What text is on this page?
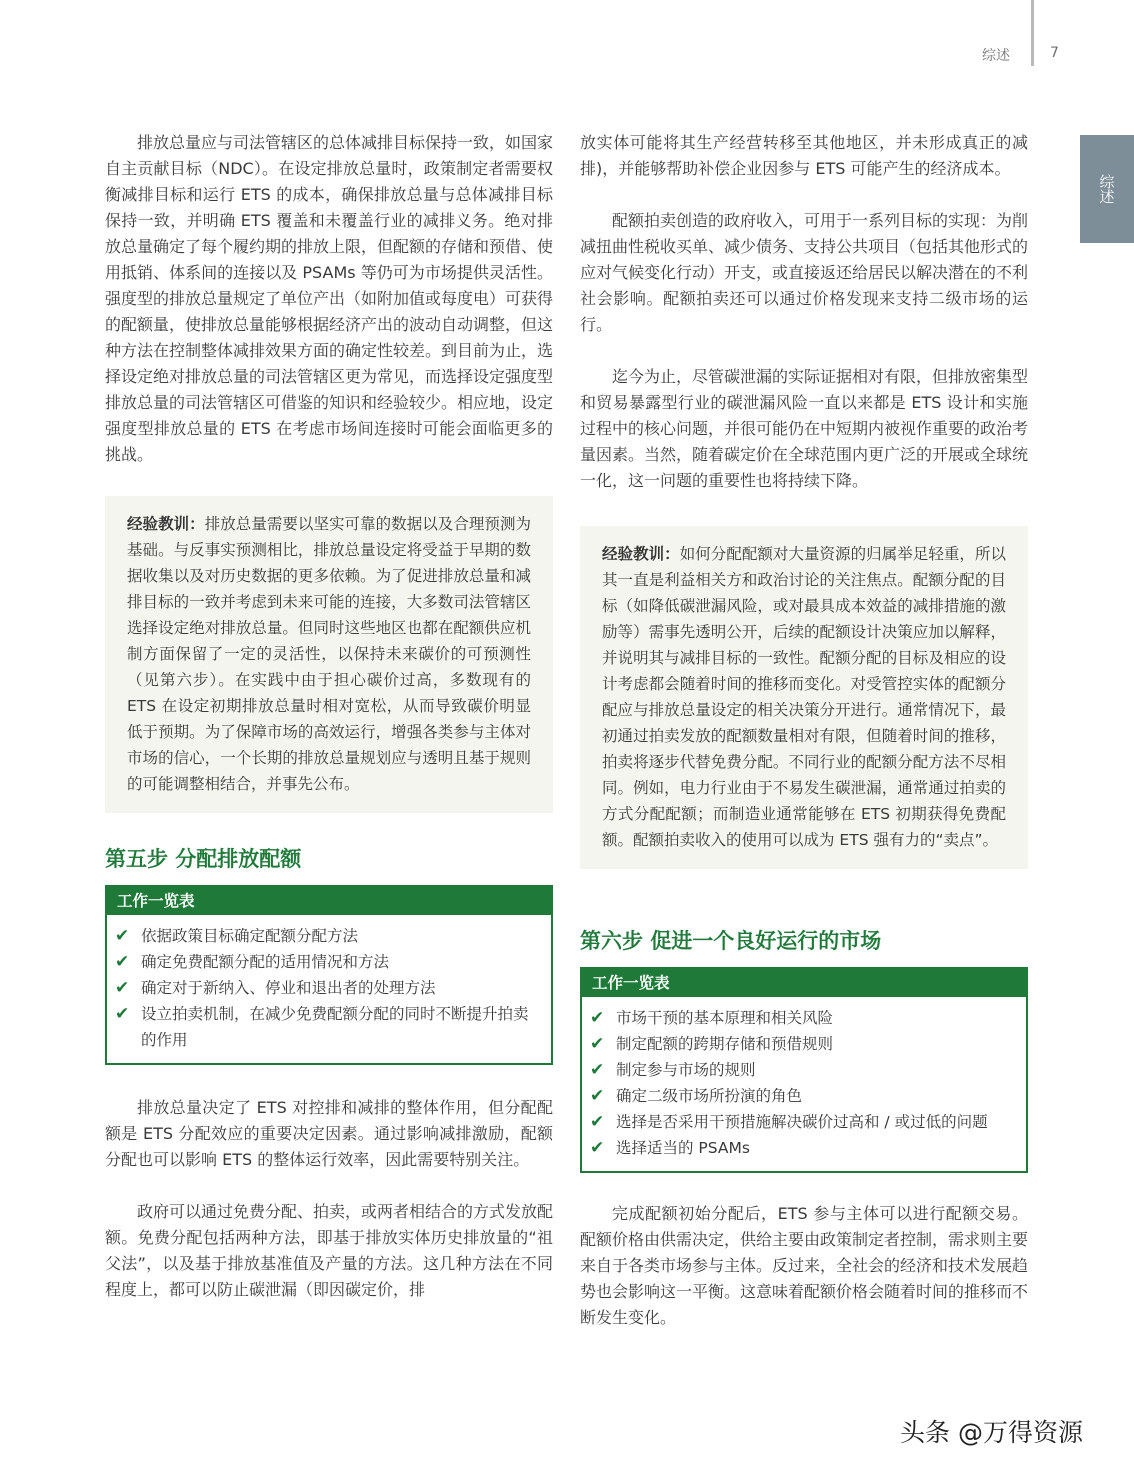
综述	7
综述

排放总量应与司法管辖区的总体减排目标保持一致，如国家自主贡献目标（NDC）。在设定排放总量时，政策制定者需要权衡减排目标和运行 ETS 的成本，确保排放总量与总体减排目标保持一致，并明确 ETS 覆盖和未覆盖行业的减排义务。绝对排放总量确定了每个履约期的排放上限，但配额的存储和预借、使用抵销、体系间的连接以及 PSAMs 等仍可为市场提供灵活性。强度型的排放总量规定了单位产出（如附加值或每度电）可获得的配额量，使排放总量能够根据经济产出的波动自动调整，但这种方法在控制整体减排效果方面的确定性较差。到目前为止，选择设定绝对排放总量的司法管辖区更为常见，而选择设定强度型排放总量的司法管辖区可借鉴的知识和经验较少。相应地，设定强度型排放总量的 ETS 在考虑市场间连接时可能会面临更多的挑战。

经验教训：排放总量需要以坚实可靠的数据以及合理预测为基础。与反事实预测相比，排放总量设定将受益于早期的数据收集以及对历史数据的更多依赖。为了促进排放总量和减排目标的一致并考虑到未来可能的连接，大多数司法管辖区选择设定绝对排放总量。但同时这些地区也都在配额供应机制方面保留了一定的灵活性，以保持未来碳价的可预测性（见第六步）。在实践中由于担心碳价过高，多数现有的 ETS 在设定初期排放总量时相对宽松，从而导致碳价明显低于预期。为了保障市场的高效运行，增强各类参与主体对市场的信心，一个长期的排放总量规划应与透明且基于规则的可能调整相结合，并事先公布。
第五步 分配排放配额
工作一览表
✔ 依据政策目标确定配额分配方法
✔ 确定免费配额分配的适用情况和方法
✔ 确定对于新纳入、停业和退出者的处理方法
✔ 设立拍卖机制，在减少免费配额分配的同时不断提升拍卖的作用

排放总量决定了 ETS 对控排和减排的整体作用，但分配配额是 ETS 分配效应的重要决定因素。通过影响减排激励，配额分配也可以影响 ETS 的整体运行效率，因此需要特别关注。

政府可以通过免费分配、拍卖，或两者相结合的方式发放配额。免费分配包括两种方法，即基于排放实体历史排放量的“祖父法”，以及基于排放基准值及产量的方法。这几种方法在不同程度上，都可以防止碳泄漏（即因碳定价，排

放实体可能将其生产经营转移至其他地区，并未形成真正的减排)，并能够帮助补偿企业因参与 ETS 可能产生的经济成本。

配额拍卖创造的政府收入，可用于一系列目标的实现：为削减扭曲性税收买单、减少债务、支持公共项目（包括其他形式的应对气候变化行动）开支，或直接返还给居民以解决潜在的不利社会影响。配额拍卖还可以通过价格发现来支持二级市场的运行。

迄今为止，尽管碳泄漏的实际证据相对有限，但排放密集型和贸易暴露型行业的碳泄漏风险一直以来都是 ETS 设计和实施过程中的核心问题，并很可能仍在中短期内被视作重要的政治考量因素。当然，随着碳定价在全球范围内更广泛的开展或全球统一化，这一问题的重要性也将持续下降。

经验教训：如何分配配额对大量资源的归属举足轻重，所以其一直是利益相关方和政治讨论的关注焦点。配额分配的目标（如降低碳泄漏风险，或对最具成本效益的减排措施的激励等）需事先透明公开，后续的配额设计决策应加以解释，并说明其与减排目标的一致性。配额分配的目标及相应的设计考虑都会随着时间的推移而变化。对受管控实体的配额分配应与排放总量设定的相关决策分开进行。通常情况下，最初通过拍卖发放的配额数量相对有限，但随着时间的推移，拍卖将逐步代替免费分配。不同行业的配额分配方法不尽相同。例如，电力行业由于不易发生碳泄漏，通常通过拍卖的方式分配配额；而制造业通常能够在 ETS 初期获得免费配额。配额拍卖收入的使用可以成为 ETS 强有力的“卖点”。
第六步 促进一个良好运行的市场
工作一览表
✔ 市场干预的基本原理和相关风险
✔ 制定配额的跨期存储和预借规则
✔ 制定参与市场的规则
✔ 确定二级市场所扮演的角色
✔ 选择是否采用干预措施解决碳价过高和 / 或过低的问题
✔ 选择适当的 PSAMs

完成配额初始分配后，ETS 参与主体可以进行配额交易。配额价格由供需决定，供给主要由政策制定者控制，需求则主要来自于各类市场参与主体。反过来，全社会的经济和技术发展趋势也会影响这一平衡。这意味着配额价格会随着时间的推移而不断发生变化。

头条 @万得资源
